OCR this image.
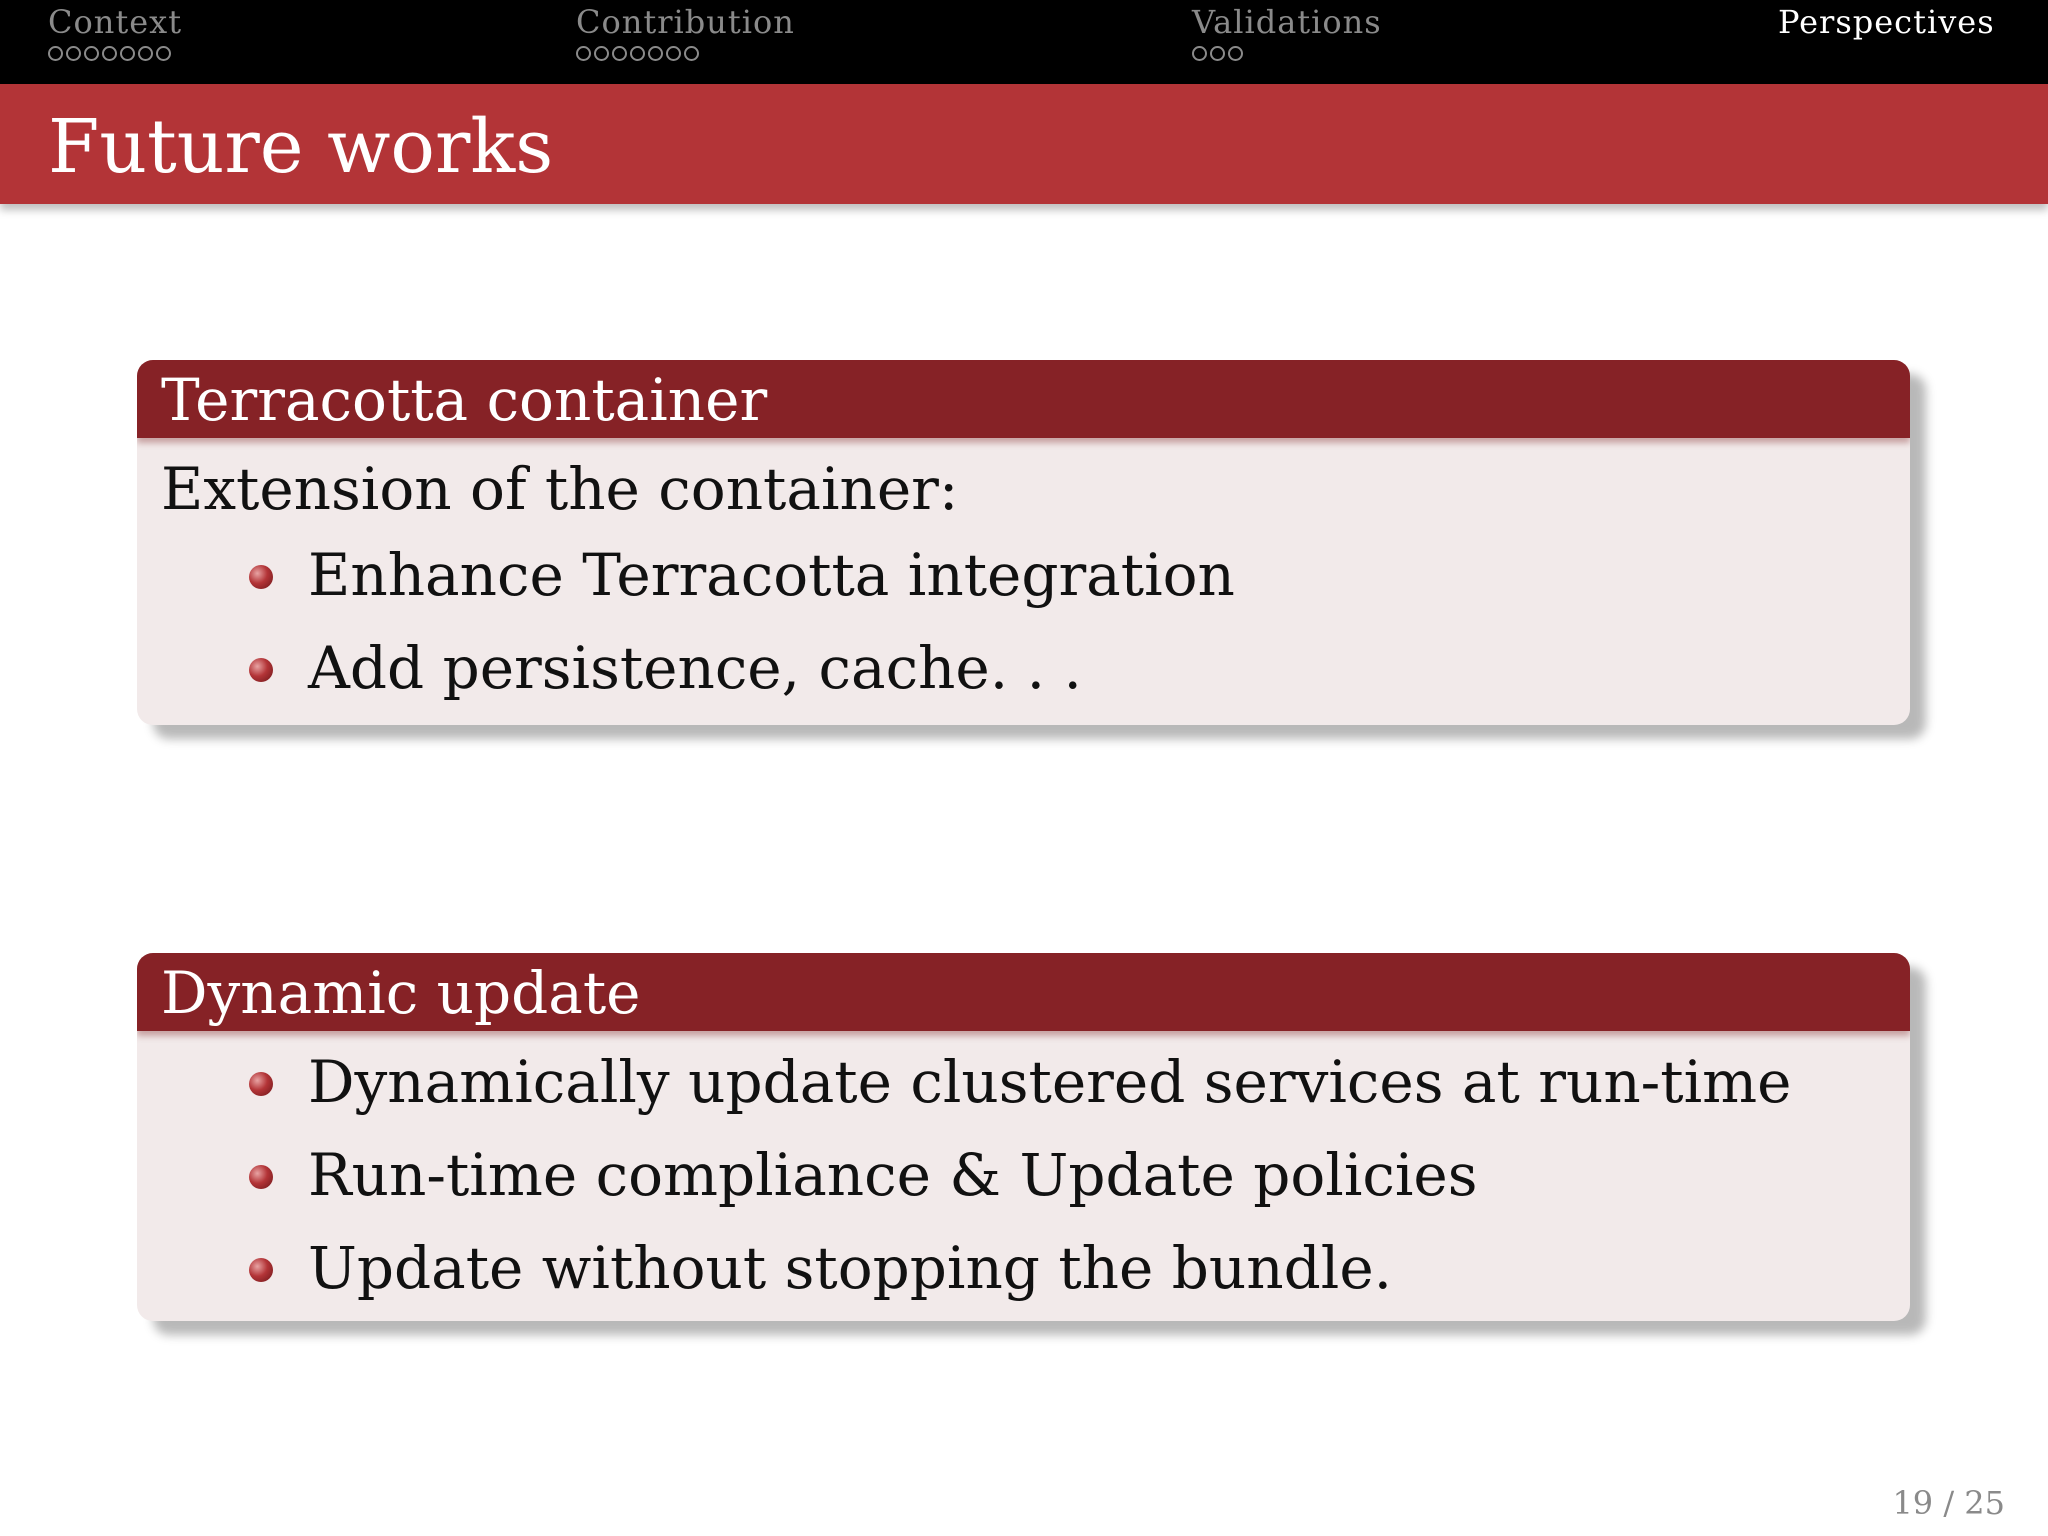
Context	Contribution	Validations	Perspectives
Future works
Terracotta container
Extension of the container:
Enhance Terracotta integration
Add persistence, cache. . .
Dynamic update
Dynamically update clustered services at run-time
Run-time compliance & Update policies
Update without stopping the bundle.
19 / 25
